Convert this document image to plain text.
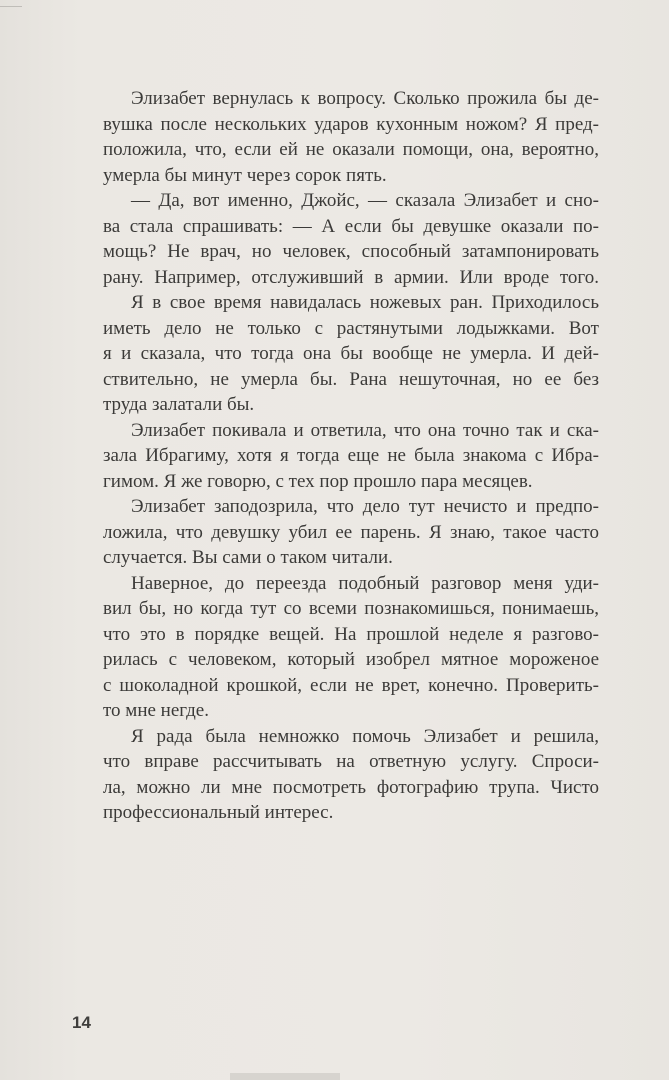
Элизабет вернулась к вопросу. Сколько прожила бы де-
вушка после нескольких ударов кухонным ножом? Я пред-
положила, что, если ей не оказали помощи, она, вероятно,
умерла бы минут через сорок пять.

— Да, вот именно, Джойс, — сказала Элизабет и сно-
ва стала спрашивать: — А если бы девушке оказали по-
мощь? Не врач, но человек, способный затампонировать
рану. Например, отслуживший в армии. Или вроде того.

Я в свое время навидалась ножевых ран. Приходилось
иметь дело не только с растянутыми лодыжками. Вот
я и сказала, что тогда она бы вообще не умерла. И дей-
ствительно, не умерла бы. Рана нешуточная, но ее без
труда залатали бы.

Элизабет покивала и ответила, что она точно так и ска-
зала Ибрагиму, хотя я тогда еще не была знакома с Ибра-
гимом. Я же говорю, с тех пор прошло пара месяцев.

Элизабет заподозрила, что дело тут нечисто и предпо-
ложила, что девушку убил ее парень. Я знаю, такое часто
случается. Вы сами о таком читали.

Наверное, до переезда подобный разговор меня уди-
вил бы, но когда тут со всеми познакомишься, понимаешь,
что это в порядке вещей. На прошлой неделе я разгово-
рилась с человеком, который изобрел мятное мороженое
с шоколадной крошкой, если не врет, конечно. Проверить-
то мне негде.

Я рада была немножко помочь Элизабет и решила,
что вправе рассчитывать на ответную услугу. Спроси-
ла, можно ли мне посмотреть фотографию трупа. Чисто
профессиональный интерес.

14
